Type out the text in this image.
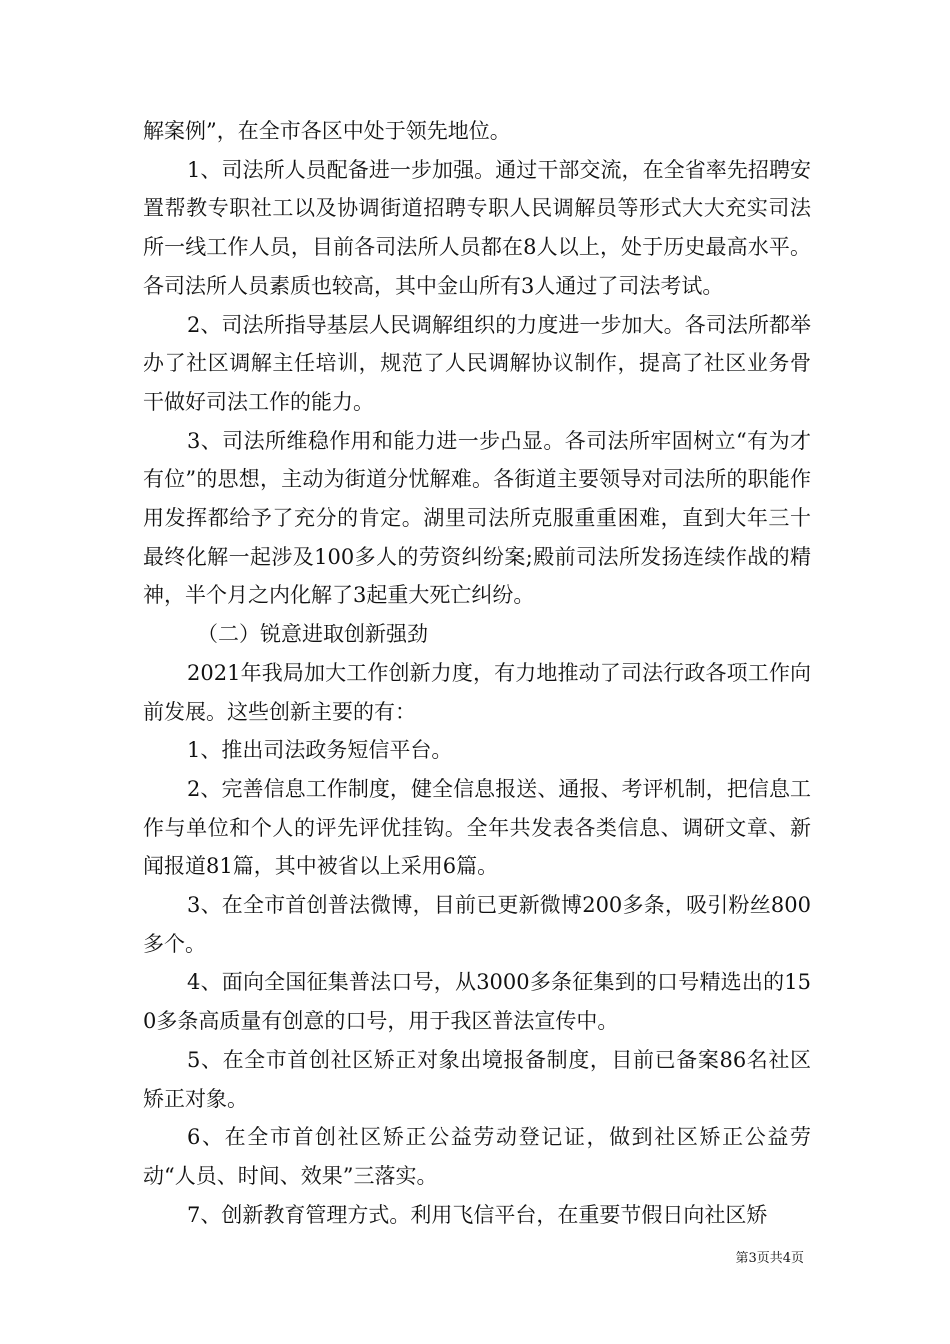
解案例”，在全市各区中处于领先地位。

1、司法所人员配备进一步加强。通过干部交流，在全省率先招聘安置帮教专职社工以及协调街道招聘专职人民调解员等形式大大充实司法所一线工作人员，目前各司法所人员都在8人以上，处于历史最高水平。各司法所人员素质也较高，其中金山所有3人通过了司法考试。

2、司法所指导基层人民调解组织的力度进一步加大。各司法所都举办了社区调解主任培训，规范了人民调解协议制作，提高了社区业务骨干做好司法工作的能力。

3、司法所维稳作用和能力进一步凸显。各司法所牢固树立“有为才有位”的思想，主动为街道分忧解难。各街道主要领导对司法所的职能作用发挥都给予了充分的肯定。湖里司法所克服重重困难，直到大年三十最终化解一起涉及100多人的劳资纠纷案;殿前司法所发扬连续作战的精神，半个月之内化解了3起重大死亡纠纷。

（二）锐意进取创新强劲

2021年我局加大工作创新力度，有力地推动了司法行政各项工作向前发展。这些创新主要的有：

1、推出司法政务短信平台。

2、完善信息工作制度，健全信息报送、通报、考评机制，把信息工作与单位和个人的评先评优挂钩。全年共发表各类信息、调研文章、新闻报道81篇，其中被省以上采用6篇。

3、在全市首创普法微博，目前已更新微博200多条，吸引粉丝800多个。

4、面向全国征集普法口号，从3000多条征集到的口号精选出的150多条高质量有创意的口号，用于我区普法宣传中。

5、在全市首创社区矫正对象出境报备制度，目前已备案86名社区矫正对象。

6、在全市首创社区矫正公益劳动登记证，做到社区矫正公益劳动“人员、时间、效果”三落实。

7、创新教育管理方式。利用飞信平台，在重要节假日向社区矫

第3页共4页
